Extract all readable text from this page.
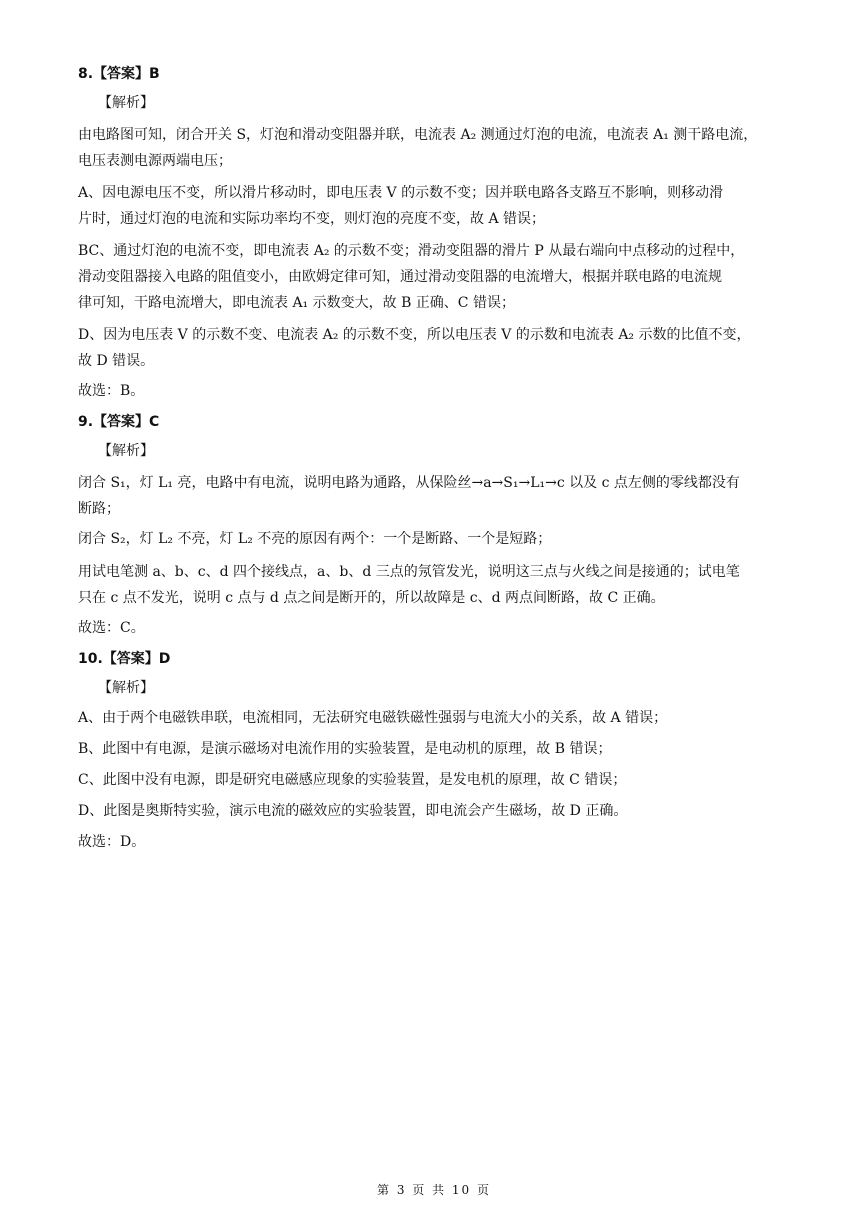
8.【答案】B
【解析】
由电路图可知，闭合开关 S，灯泡和滑动变阻器并联，电流表 A₂ 测通过灯泡的电流，电流表 A₁ 测干路电流，
电压表测电源两端电压；
A、因电源电压不变，所以滑片移动时，即电压表 V 的示数不变；因并联电路各支路互不影响，则移动滑
片时，通过灯泡的电流和实际功率均不变，则灯泡的亮度不变，故 A 错误；
BC、通过灯泡的电流不变，即电流表 A₂ 的示数不变；滑动变阻器的滑片 P 从最右端向中点移动的过程中，
滑动变阻器接入电路的阻值变小，由欧姆定律可知，通过滑动变阻器的电流增大，根据并联电路的电流规
律可知，干路电流增大，即电流表 A₁ 示数变大，故 B 正确、C 错误；
D、因为电压表 V 的示数不变、电流表 A₂ 的示数不变，所以电压表 V 的示数和电流表 A₂ 示数的比值不变，
故 D 错误。
故选：B。
9.【答案】C
【解析】
闭合 S₁，灯 L₁ 亮，电路中有电流，说明电路为通路，从保险丝→a→S₁→L₁→c 以及 c 点左侧的零线都没有
断路；
闭合 S₂，灯 L₂ 不亮，灯 L₂ 不亮的原因有两个：一个是断路、一个是短路；
用试电笔测 a、b、c、d 四个接线点，a、b、d 三点的氖管发光，说明这三点与火线之间是接通的；试电笔
只在 c 点不发光，说明 c 点与 d 点之间是断开的，所以故障是 c、d 两点间断路，故 C 正确。
故选：C。
10.【答案】D
【解析】
A、由于两个电磁铁串联，电流相同，无法研究电磁铁磁性强弱与电流大小的关系，故 A 错误；
B、此图中有电源，是演示磁场对电流作用的实验装置，是电动机的原理，故 B 错误；
C、此图中没有电源，即是研究电磁感应现象的实验装置，是发电机的原理，故 C 错误；
D、此图是奥斯特实验，演示电流的磁效应的实验装置，即电流会产生磁场，故 D 正确。
故选：D。
第 3 页 共 10 页
